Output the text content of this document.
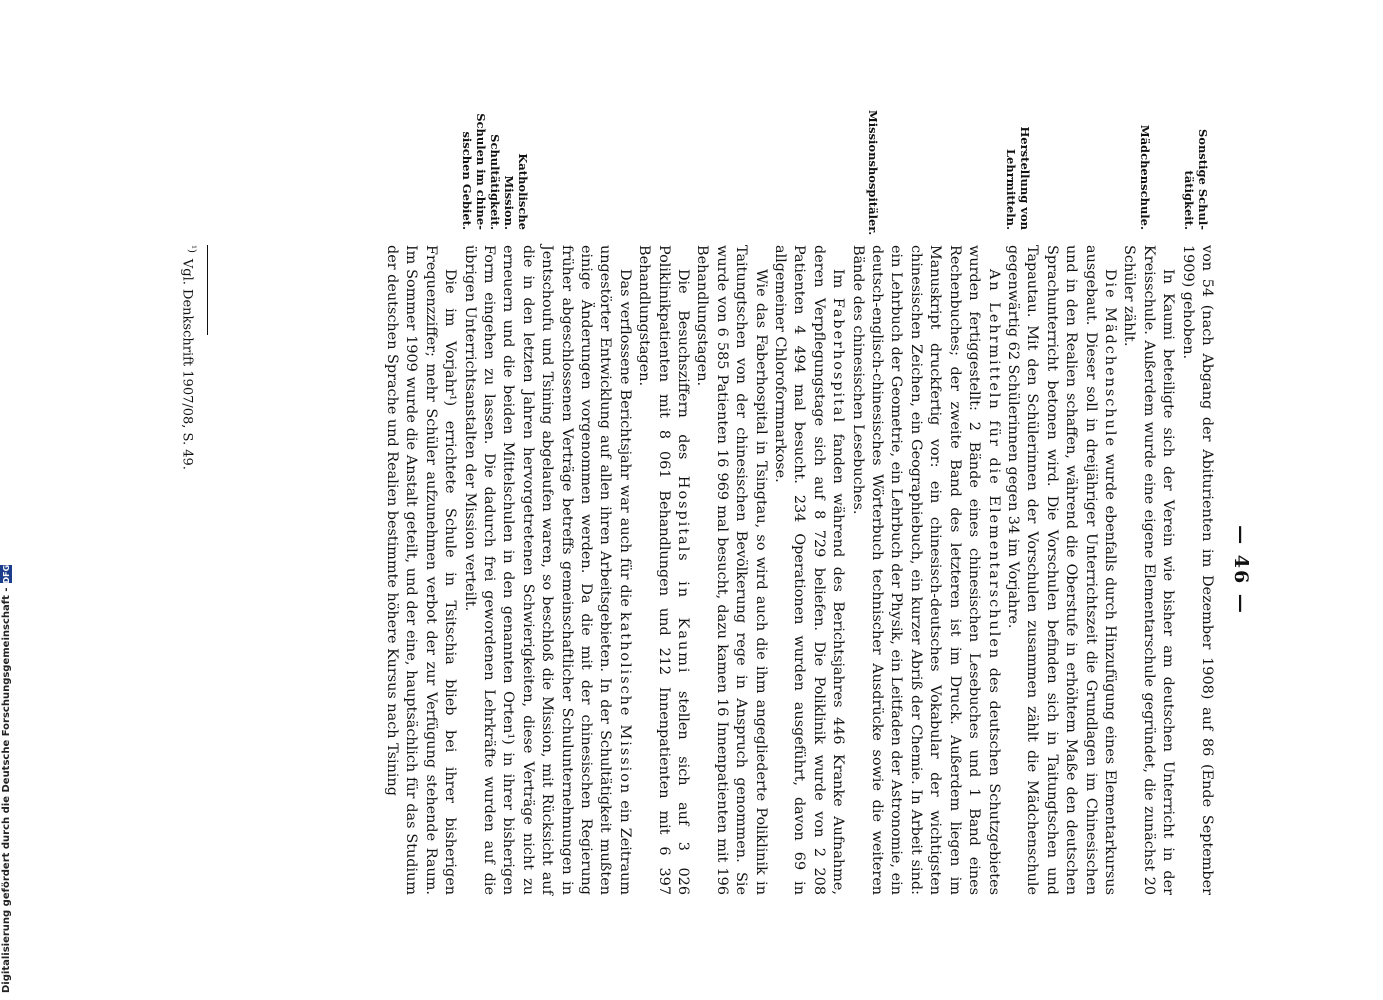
— 46 —
Sonstige Schul-
tätigkeit.
Mädchenschule.
Herstellung von
Lehrmitteln.
Missionshospitäler.
Katholische Mission.
Schultätigkeit.
Schulen im chine-
sischen Gebiet.

von 54 (nach Abgang der Abiturienten im Dezember 1908) auf 86 (Ende September 1909) gehoben.

In Kaumi beteiligte sich der Verein wie bisher am deutschen Unterricht in der Kreisschule. Außerdem wurde eine eigene Elementarschule gegründet, die zunächst 20 Schüler zählt.

Die Mädchenschule wurde ebenfalls durch Hinzufügung eines Elementarkursus ausgebaut. Dieser soll in dreijähriger Unterrichtszeit die Grundlagen im Chinesischen und in den Realien schaffen, während die Oberstufe in erhöhtem Maße den deutschen Sprachunterricht betonen wird. Die Vorschulen befinden sich in Taitungtschen und Tapautau. Mit den Schülerinnen der Vorschulen zusammen zählt die Mädchenschule gegenwärtig 62 Schülerinnen gegen 34 im Vorjahre.

An Lehrmitteln für die Elementarschulen des deutschen Schutzgebietes wurden fertiggestellt: 2 Bände eines chinesischen Lesebuches und 1 Band eines Rechenbuches; der zweite Band des letzteren ist im Druck. Außerdem liegen im Manuskript druckfertig vor: ein chinesisch-deutsches Vokabular der wichtigsten chinesischen Zeichen, ein Geographiebuch, ein kurzer Abriß der Chemie. In Arbeit sind: ein Lehrbuch der Geometrie, ein Lehrbuch der Physik, ein Leitfaden der Astronomie, ein deutsch-englisch-chinesisches Wörterbuch technischer Ausdrücke sowie die weiteren Bände des chinesischen Lesebuches.

Im Faberhospital fanden während des Berichtsjahres 446 Kranke Aufnahme, deren Verpflegungstage sich auf 8 729 beliefen. Die Poliklinik wurde von 2 208 Patienten 4 494 mal besucht. 234 Operationen wurden ausgeführt, davon 69 in allgemeiner Chloroformnarkose.

Wie das Faberhospital in Tsingtau, so wird auch die ihm angegliederte Poliklinik in Taitungtschen von der chinesischen Bevölkerung rege in Anspruch genommen. Sie wurde von 6 585 Patienten 16 969 mal besucht, dazu kamen 16 Innenpatienten mit 196 Behandlungstagen.

Die Besuchsziffern des Hospitals in Kaumi stellen sich auf 3 026 Poliklinikpatienten mit 8 061 Behandlungen und 212 Innenpatienten mit 6 397 Behandlungstagen.

Das verflossene Berichtsjahr war auch für die katholische Mission ein Zeitraum ungestörter Entwicklung auf allen ihren Arbeitsgebieten. In der Schultätigkeit mußten einige Änderungen vorgenommen werden. Da die mit der chinesischen Regierung früher abgeschlossenen Verträge betreffs gemeinschaftlicher Schulunternehmungen in Jentschoufu und Tsining abgelaufen waren, so beschloß die Mission, mit Rücksicht auf die in den letzten Jahren hervorgetretenen Schwierigkeiten, diese Verträge nicht zu erneuern und die beiden Mittelschulen in den genannten Orten¹) in ihrer bisherigen Form eingehen zu lassen. Die dadurch frei gewordenen Lehrkräfte wurden auf die übrigen Unterrichtsanstalten der Mission verteilt.

Die im Vorjahr¹) errichtete Schule in Tsitschia blieb bei ihrer bisherigen Frequenzziffer; mehr Schüler aufzunehmen verbot der zur Verfügung stehende Raum. Im Sommer 1909 wurde die Anstalt geteilt, und der eine, hauptsächlich für das Studium der deutschen Sprache und Realien bestimmte höhere Kursus nach Tsining

$^{^1)}$Vgl. Denkschrift 1907/08, S. 49.
Digitalisierung gefördert durch die Deutsche Forschungsgemeinschaft -
DFG
